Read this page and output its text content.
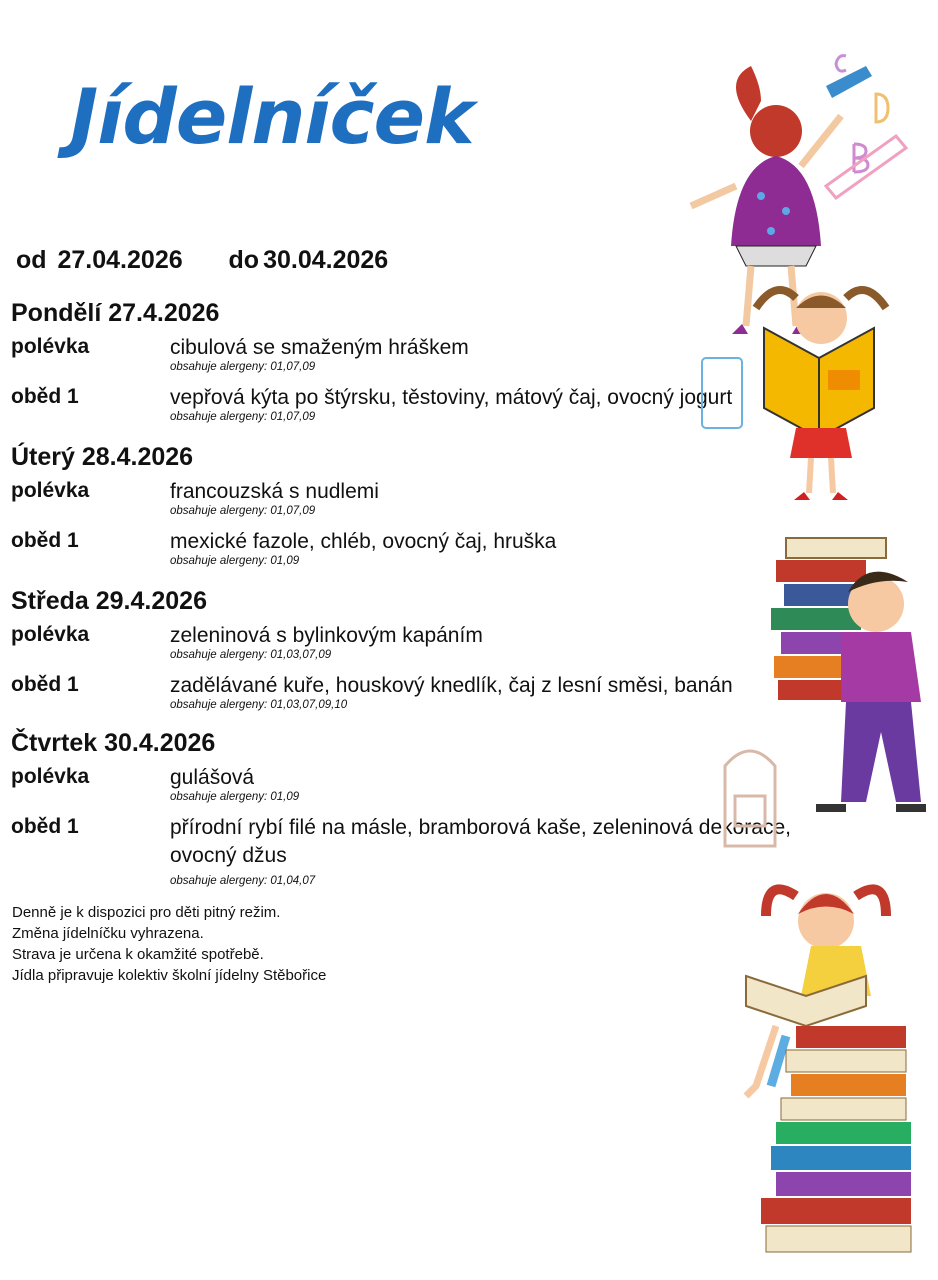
Jídelníček
od 27.04.2026 do 30.04.2026
Pondělí 27.4.2026
polévka	cibulová se smaženým hráškem
obsahuje alergeny: 01,07,09
oběd 1	vepřová kýta po štýrsku, těstoviny, mátový čaj, ovocný jogurt
obsahuje alergeny: 01,07,09
Úterý 28.4.2026
polévka	francouzská s nudlemi
obsahuje alergeny: 01,07,09
oběd 1	mexické fazole, chléb, ovocný čaj, hruška
obsahuje alergeny: 01,09
Středa 29.4.2026
polévka	zeleninová s bylinkovým kapáním
obsahuje alergeny: 01,03,07,09
oběd 1	zadělávané kuře, houskový knedlík, čaj z lesní směsi, banán
obsahuje alergeny: 01,03,07,09,10
Čtvrtek 30.4.2026
polévka	gulášová
obsahuje alergeny: 01,09
oběd 1	přírodní rybí filé na másle, bramborová kaše, zeleninová dekorace,
ovocný džus
obsahuje alergeny: 01,04,07
Denně je k dispozici pro děti pitný režim.
Změna jídelníčku vyhrazena.
Strava je určena k okamžité spotřebě.
Jídla připravuje kolektiv školní jídelny Stěbořice
